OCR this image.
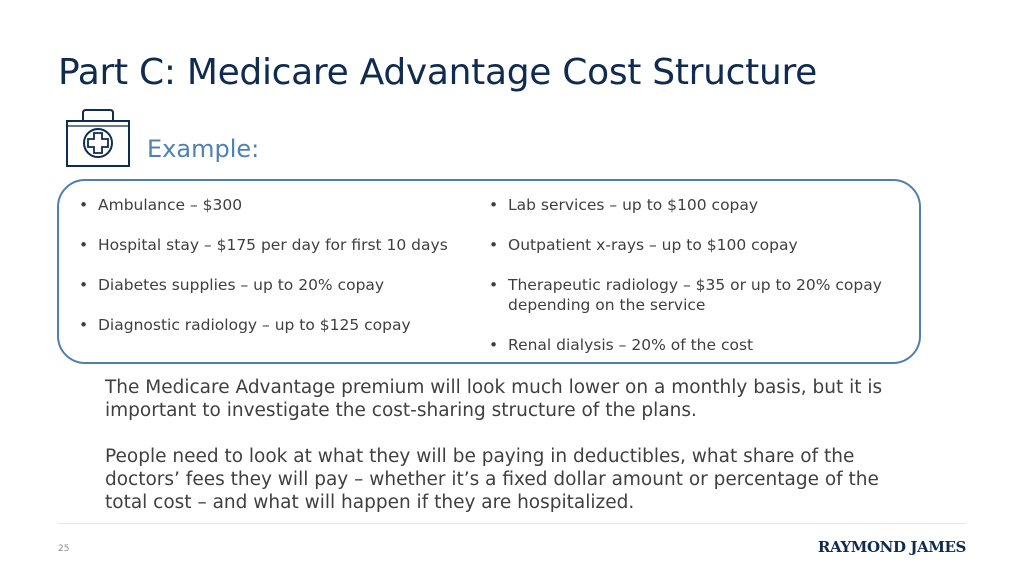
Part C: Medicare Advantage Cost Structure
Example:
• Ambulance – $300
• Hospital stay – $175 per day for first 10 days
• Diabetes supplies – up to 20% copay
• Diagnostic radiology – up to $125 copay
• Lab services – up to $100 copay
• Outpatient x-rays – up to $100 copay
• Therapeutic radiology – $35 or up to 20% copay depending on the service
• Renal dialysis – 20% of the cost

The Medicare Advantage premium will look much lower on a monthly basis, but it is important to investigate the cost-sharing structure of the plans.

People need to look at what they will be paying in deductibles, what share of the doctors’ fees they will pay – whether it’s a fixed dollar amount or percentage of the total cost – and what will happen if they are hospitalized.

25	RAYMOND JAMES
